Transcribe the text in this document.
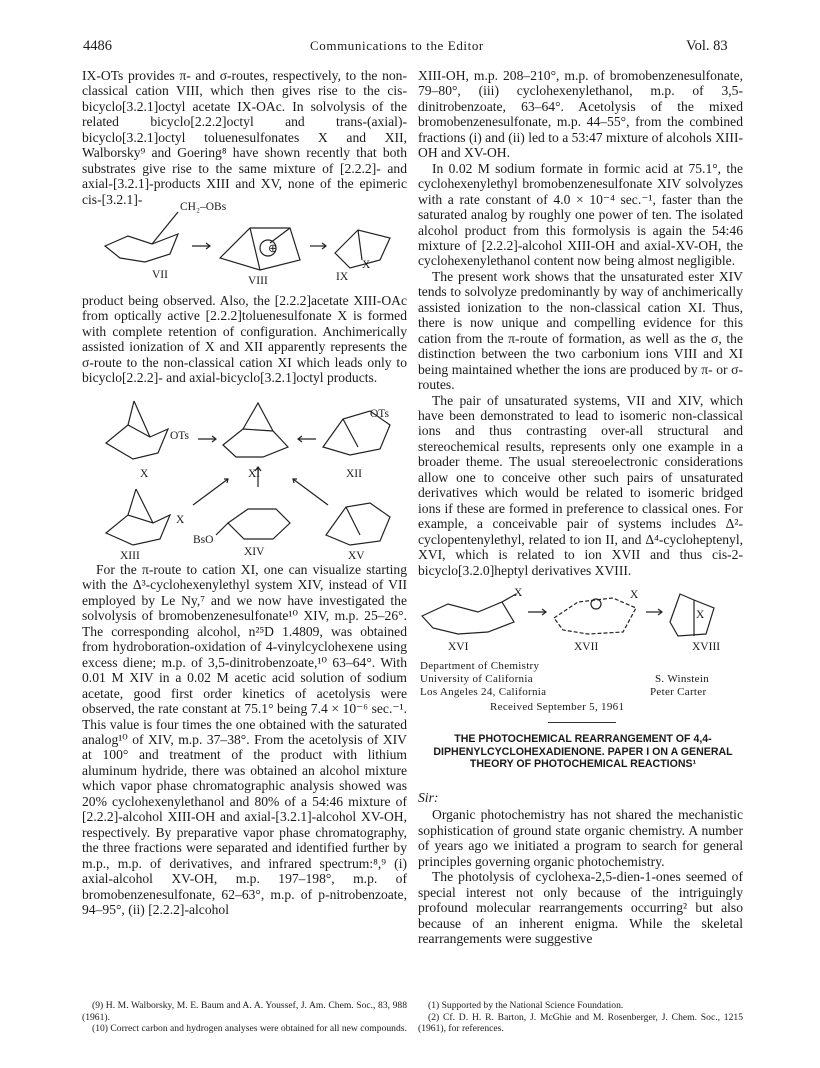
4486	Communications to the Editor	Vol. 83

IX-OTs provides π- and σ-routes, respectively, to the non-classical cation VIII, which then gives rise to the cis-bicyclo[3.2.1]octyl acetate IX-OAc. In solvolysis of the related bicyclo[2.2.2]octyl and trans-(axial)-bicyclo[3.2.1]octyl toluenesulfonates X and XII, Walborsky⁹ and Goering⁸ have shown recently that both substrates give rise to the same mixture of [2.2.2]- and axial-[3.2.1]-products XIII and XV, none of the epimeric cis-[3.2.1]-

CH₂–OBs
⊕
VII	VIII
X
IX

product being observed. Also, the [2.2.2]acetate XIII-OAc from optically active [2.2.2]toluenesulfonate X is formed with complete retention of configuration. Anchimerically assisted ionization of X and XII apparently represents the σ-route to the non-classical cation XI which leads only to bicyclo[2.2.2]- and axial-bicyclo[3.2.1]octyl products.

OTs
X	XI
OTs
XII
X
XIII
BsO
XIV	XV

For the π-route to cation XI, one can visualize starting with the Δ³-cyclohexenylethyl system XIV, instead of VII employed by Le Ny,⁷ and we now have investigated the solvolysis of bromobenzenesulfonate¹⁰ XIV, m.p. 25–26°. The corresponding alcohol, n²⁵D 1.4809, was obtained from hydroboration-oxidation of 4-vinylcyclohexene using excess diene; m.p. of 3,5-dinitrobenzoate,¹⁰ 63–64°. With 0.01 M XIV in a 0.02 M acetic acid solution of sodium acetate, good first order kinetics of acetolysis were observed, the rate constant at 75.1° being 7.4 × 10⁻⁶ sec.⁻¹. This value is four times the one obtained with the saturated analog¹⁰ of XIV, m.p. 37–38°. From the acetolysis of XIV at 100° and treatment of the product with lithium aluminum hydride, there was obtained an alcohol mixture which vapor phase chromatographic analysis showed was 20% cyclohexenylethanol and 80% of a 54:46 mixture of [2.2.2]-alcohol XIII-OH and axial-[3.2.1]-alcohol XV-OH, respectively. By preparative vapor phase chromatography, the three fractions were separated and identified further by m.p., m.p. of derivatives, and infrared spectrum:⁸,⁹ (i) axial-alcohol XV-OH, m.p. 197–198°, m.p. of bromobenzenesulfonate, 62–63°, m.p. of p-nitrobenzoate, 94–95°, (ii) [2.2.2]-alcohol

(9) H. M. Walborsky, M. E. Baum and A. A. Youssef, J. Am. Chem. Soc., 83, 988 (1961).

(10) Correct carbon and hydrogen analyses were obtained for all new compounds.

XIII-OH, m.p. 208–210°, m.p. of bromobenzenesulfonate, 79–80°, (iii) cyclohexenylethanol, m.p. of 3,5-dinitrobenzoate, 63–64°. Acetolysis of the mixed bromobenzenesulfonate, m.p. 44–55°, from the combined fractions (i) and (ii) led to a 53:47 mixture of alcohols XIII-OH and XV-OH.

In 0.02 M sodium formate in formic acid at 75.1°, the cyclohexenylethyl bromobenzenesulfonate XIV solvolyzes with a rate constant of 4.0 × 10⁻⁴ sec.⁻¹, faster than the saturated analog by roughly one power of ten. The isolated alcohol product from this formolysis is again the 54:46 mixture of [2.2.2]-alcohol XIII-OH and axial-XV-OH, the cyclohexenylethanol content now being almost negligible.

The present work shows that the unsaturated ester XIV tends to solvolyze predominantly by way of anchimerically assisted ionization to the non-classical cation XI. Thus, there is now unique and compelling evidence for this cation from the π-route of formation, as well as the σ, the distinction between the two carbonium ions VIII and XI being maintained whether the ions are produced by π- or σ-routes.

The pair of unsaturated systems, VII and XIV, which have been demonstrated to lead to isomeric non-classical ions and thus contrasting over-all structural and stereochemical results, represents only one example in a broader theme. The usual stereoelectronic considerations allow one to conceive other such pairs of unsaturated derivatives which would be related to isomeric bridged ions if these are formed in preference to classical ones. For example, a conceivable pair of systems includes Δ²-cyclopentenylethyl, related to ion II, and Δ⁴-cycloheptenyl, XVI, which is related to ion XVII and thus cis-2-bicyclo[3.2.0]heptyl derivatives XVIII.

X	X
X
XVI	XVII	XVIII
Department of Chemistry
University of California
Los Angeles 24, California
S. Winstein
Peter Carter
Received September 5, 1961
THE PHOTOCHEMICAL REARRANGEMENT OF 4,4-DIPHENYLCYCLOHEXADIENONE. PAPER I ON A GENERAL THEORY OF PHOTOCHEMICAL REACTIONS¹

Sir:

Organic photochemistry has not shared the mechanistic sophistication of ground state organic chemistry. A number of years ago we initiated a program to search for general principles governing organic photochemistry.

The photolysis of cyclohexa-2,5-dien-1-ones seemed of special interest not only because of the intriguingly profound molecular rearrangements occurring² but also because of an inherent enigma. While the skeletal rearrangements were suggestive

(1) Supported by the National Science Foundation.

(2) Cf. D. H. R. Barton, J. McGhie and M. Rosenberger, J. Chem. Soc., 1215 (1961), for references.
